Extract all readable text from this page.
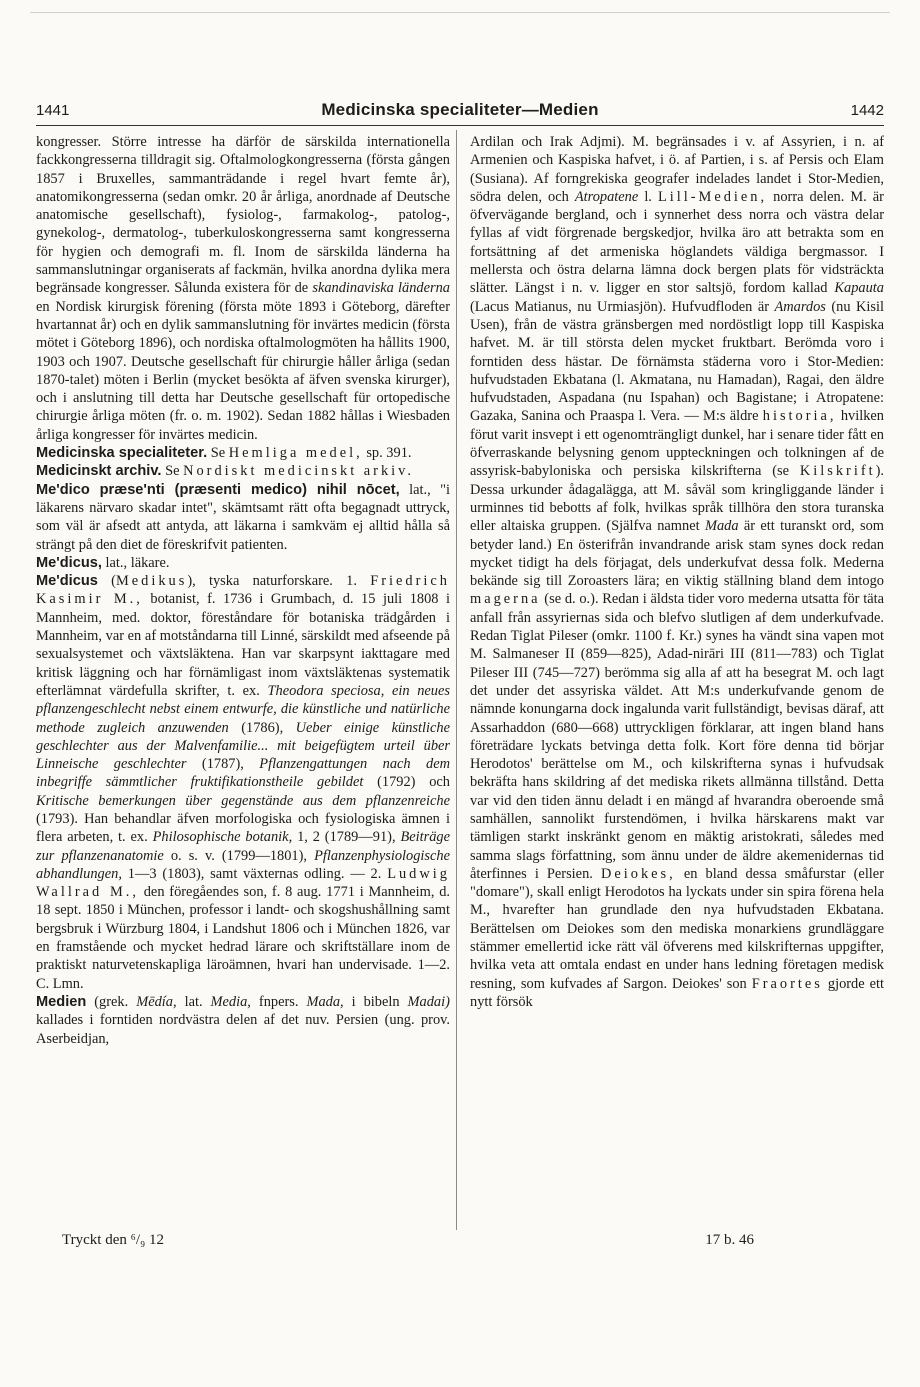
1441	Medicinska specialiteter—Medien	1442

kongresser. Större intresse ha därför de särskilda internationella fackkongresserna tilldragit sig. Oftalmologkongresserna (första gången 1857 i Bruxelles, sammanträdande i regel hvart femte år), anatomikongresserna (sedan omkr. 20 år årliga, anordnade af Deutsche anatomische gesellschaft), fysiolog-, farmakolog-, patolog-, gynekolog-, dermatolog-, tuberkuloskongresserna samt kongresserna för hygien och demografi m. fl. Inom de särskilda länderna ha sammanslutningar organiserats af fackmän, hvilka anordna dylika mera begränsade kongresser. Sålunda existera för de skandinaviska länderna en Nordisk kirurgisk förening (första möte 1893 i Göteborg, därefter hvartannat år) och en dylik sammanslutning för invärtes medicin (första mötet i Göteborg 1896), och nordiska oftalmologmöten ha hållits 1900, 1903 och 1907. Deutsche gesellschaft für chirurgie håller årliga (sedan 1870-talet) möten i Berlin (mycket besökta af äfven svenska kirurger), och i anslutning till detta har Deutsche gesellschaft für ortopedische chirurgie årliga möten (fr. o. m. 1902). Sedan 1882 hållas i Wiesbaden årliga kongresser för invärtes medicin.

Medicinska specialiteter. Se Hemliga medel, sp. 391.

Medicinskt archiv. Se Nordiskt medicinskt arkiv.

Me'dico præse'nti (præsenti medico) nihil nōcet, lat., "i läkarens närvaro skadar intet", skämtsamt rätt ofta begagnadt uttryck, som väl är afsedt att antyda, att läkarna i samkväm ej alltid hålla så strängt på den diet de föreskrifvit patienten.

Me'dicus, lat., läkare.

Me'dicus (Medikus), tyska naturforskare. 1. Friedrich Kasimir M., botanist, f. 1736 i Grumbach, d. 15 juli 1808 i Mannheim, med. doktor, föreståndare för botaniska trädgården i Mannheim, var en af motståndarna till Linné, särskildt med afseende på sexualsystemet och växtsläktena. Han var skarpsynt iakttagare med kritisk läggning och har förnämligast inom växtsläktenas systematik efterlämnat värdefulla skrifter, t. ex. Theodora speciosa, ein neues pflanzengeschlecht nebst einem entwurfe, die künstliche und natürliche methode zugleich anzuwenden (1786), Ueber einige künstliche geschlechter aus der Malvenfamilie... mit beigefügtem urteil über Linneische geschlechter (1787), Pflanzengattungen nach dem inbegriffe sämmtlicher fruktifikationstheile gebildet (1792) och Kritische bemerkungen über gegenstände aus dem pflanzenreiche (1793). Han behandlar äfven morfologiska och fysiologiska ämnen i flera arbeten, t. ex. Philosophische botanik, 1, 2 (1789—91), Beiträge zur pflanzenanatomie o. s. v. (1799—1801), Pflanzenphysiologische abhandlungen, 1—3 (1803), samt växternas odling. — 2. Ludwig Wallrad M., den föregåendes son, f. 8 aug. 1771 i Mannheim, d. 18 sept. 1850 i München, professor i landt- och skogshushållning samt bergsbruk i Würzburg 1804, i Landshut 1806 och i München 1826, var en framstående och mycket hedrad lärare och skriftställare inom de praktiskt naturvetenskapliga läroämnen, hvari han undervisade. 1—2. C. Lmn.

Medien (grek. Mēdía, lat. Media, fnpers. Mada, i bibeln Madai) kallades i forntiden nordvästra delen af det nuv. Persien (ung. prov. Aserbeidjan,

Ardilan och Irak Adjmi). M. begränsades i v. af Assyrien, i n. af Armenien och Kaspiska hafvet, i ö. af Partien, i s. af Persis och Elam (Susiana). Af forngrekiska geografer indelades landet i Stor-Medien, södra delen, och Atropatene l. Lill-Medien, norra delen. M. är öfvervägande bergland, och i synnerhet dess norra och västra delar fyllas af vidt förgrenade bergskedjor, hvilka äro att betrakta som en fortsättning af det armeniska höglandets väldiga bergmassor. I mellersta och östra delarna lämna dock bergen plats för vidsträckta slätter. Längst i n. v. ligger en stor saltsjö, fordom kallad Kapauta (Lacus Matianus, nu Urmiasjön). Hufvudfloden är Amardos (nu Kisil Usen), från de västra gränsbergen med nordöstligt lopp till Kaspiska hafvet. M. är till största delen mycket fruktbart. Berömda voro i forntiden dess hästar. De förnämsta städerna voro i Stor-Medien: hufvudstaden Ekbatana (l. Akmatana, nu Hamadan), Ragai, den äldre hufvudstaden, Aspadana (nu Ispahan) och Bagistane; i Atropatene: Gazaka, Sanina och Praaspa l. Vera. — M:s äldre historia, hvilken förut varit insvept i ett ogenomträngligt dunkel, har i senare tider fått en öfverraskande belysning genom uppteckningen och tolkningen af de assyrisk-babyloniska och persiska kilskrifterna (se Kilskrift). Dessa urkunder ådagalägga, att M. såväl som kringliggande länder i urminnes tid bebotts af folk, hvilkas språk tillhöra den stora turanska eller altaiska gruppen. (Själfva namnet Mada är ett turanskt ord, som betyder land.) En österifrån invandrande arisk stam synes dock redan mycket tidigt ha dels förjagat, dels underkufvat dessa folk. Mederna bekände sig till Zoroasters lära; en viktig ställning bland dem intogo magerna (se d. o.). Redan i äldsta tider voro mederna utsatta för täta anfall från assyriernas sida och blefvo slutligen af dem underkufvade. Redan Tiglat Pileser (omkr. 1100 f. Kr.) synes ha vändt sina vapen mot M. Salmaneser II (859—825), Adad-nirāri III (811—783) och Tiglat Pileser III (745—727) berömma sig alla af att ha besegrat M. och lagt det under det assyriska väldet. Att M:s underkufvande genom de nämnde konungarna dock ingalunda varit fullständigt, bevisas däraf, att Assarhaddon (680—668) uttryckligen förklarar, att ingen bland hans företrädare lyckats betvinga detta folk. Kort före denna tid börjar Herodotos' berättelse om M., och kilskrifterna synas i hufvudsak bekräfta hans skildring af det mediska rikets allmänna tillstånd. Detta var vid den tiden ännu deladt i en mängd af hvarandra oberoende små samhällen, sannolikt furstendömen, i hvilka härskarens makt var tämligen starkt inskränkt genom en mäktig aristokrati, således med samma slags författning, som ännu under de äldre akemenidernas tid återfinnes i Persien. Deiokes, en bland dessa småfurstar (eller "domare"), skall enligt Herodotos ha lyckats under sin spira förena hela M., hvarefter han grundlade den nya hufvudstaden Ekbatana. Berättelsen om Deiokes som den mediska monarkiens grundläggare stämmer emellertid icke rätt väl öfverens med kilskrifternas uppgifter, hvilka veta att omtala endast en under hans ledning företagen medisk resning, som kufvades af Sargon. Deiokes' son Fraortes gjorde ett nytt försök

Tryckt den ⁶/₉ 12	17 b. 46
